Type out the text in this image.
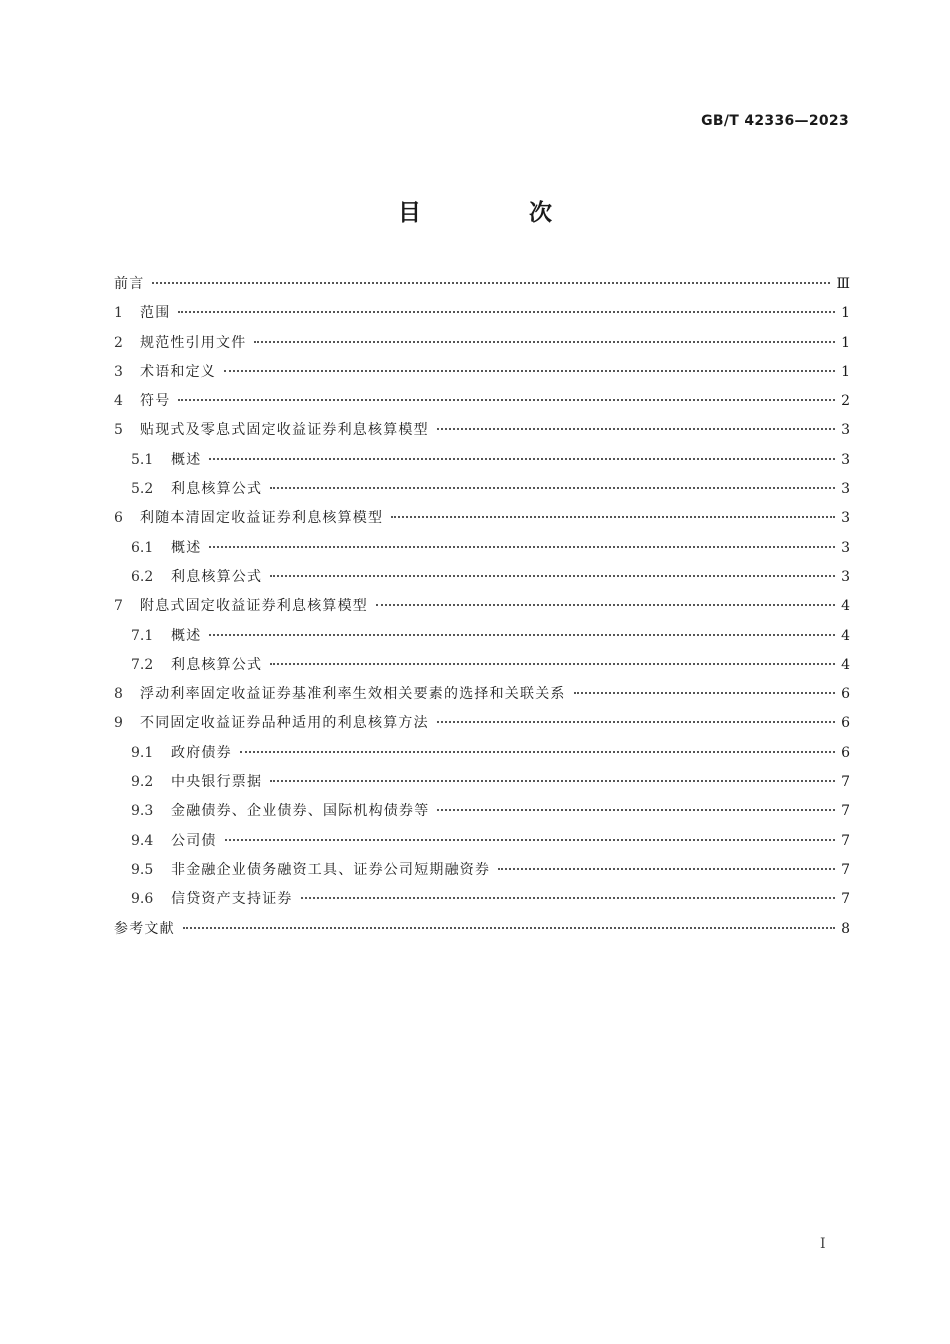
GB/T 42336—2023
目 次
前言	Ⅲ
1	范围	1
2	规范性引用文件	1
3	术语和定义	1
4	符号	2
5	贴现式及零息式固定收益证券利息核算模型	3
5.1	概述	3
5.2	利息核算公式	3
6	利随本清固定收益证券利息核算模型	3
6.1	概述	3
6.2	利息核算公式	3
7	附息式固定收益证券利息核算模型	4
7.1	概述	4
7.2	利息核算公式	4
8	浮动利率固定收益证券基准利率生效相关要素的选择和关联关系	6
9	不同固定收益证券品种适用的利息核算方法	6
9.1	政府债券	6
9.2	中央银行票据	7
9.3	金融债券、企业债券、国际机构债券等	7
9.4	公司债	7
9.5	非金融企业债务融资工具、证券公司短期融资券	7
9.6	信贷资产支持证券	7
参考文献	8
Ⅰ
